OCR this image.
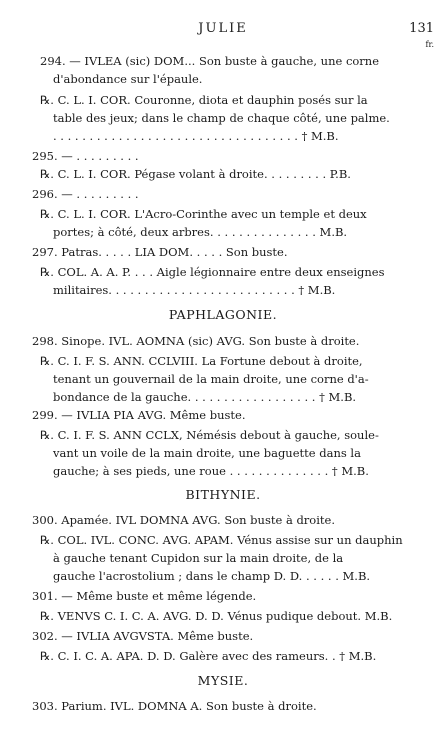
JULIE	131
fr.
294. — IVLEA (sic) DOM... Son buste à gauche, une corne
d'abondance sur l'épaule.
℞. C. L. I. COR. Couronne, diota et dauphin posés sur la
table des jeux; dans le champ de chaque côté, une palme.
. . . . . . . . . . . . . . . . . . . . . . . . . . . . . . . . . . † M.B.
295. — . . . . . . . . .
℞. C. L. I. COR. Pégase volant à droite. . . . . . . . . P.B.
296. — . . . . . . . . .
℞. C. L. I. COR. L'Acro-Corinthe avec un temple et deux
portes; à côté, deux arbres. . . . . . . . . . . . . . . M.B.
297. Patras. . . . . LIA DOM. . . . . Son buste.
℞. COL. A. A. P. . . . Aigle légionnaire entre deux enseignes
militaires. . . . . . . . . . . . . . . . . . . . . . . . . . † M.B.
PAPHLAGONIE.
298. Sinope. IVL. AOMNA (sic) AVG. Son buste à droite.
℞. C. I. F. S. ANN. CCLVIII. La Fortune debout à droite,
tenant un gouvernail de la main droite, une corne d'a-
bondance de la gauche. . . . . . . . . . . . . . . . . . † M.B.
299. — IVLIA PIA AVG. Même buste.
℞. C. I. F. S. ANN CCLX, Némésis debout à gauche, soule-
vant un voile de la main droite, une baguette dans la
gauche; à ses pieds, une roue . . . . . . . . . . . . . . † M.B.
BITHYNIE.
300. Apamée. IVL DOMNA AVG. Son buste à droite.
℞. COL. IVL. CONC. AVG. APAM. Vénus assise sur un dauphin
à gauche tenant Cupidon sur la main droite, de la
gauche l'acrostolium ; dans le champ D. D. . . . . . M.B.
301. — Même buste et même légende.
℞. VENVS C. I. C. A. AVG. D. D. Vénus pudique debout. M.B.
302. — IVLIA AVGVSTA. Même buste.
℞. C. I. C. A. APA. D. D. Galère avec des rameurs. . † M.B.
MYSIE.
303. Parium. IVL. DOMNA A. Son buste à droite.
